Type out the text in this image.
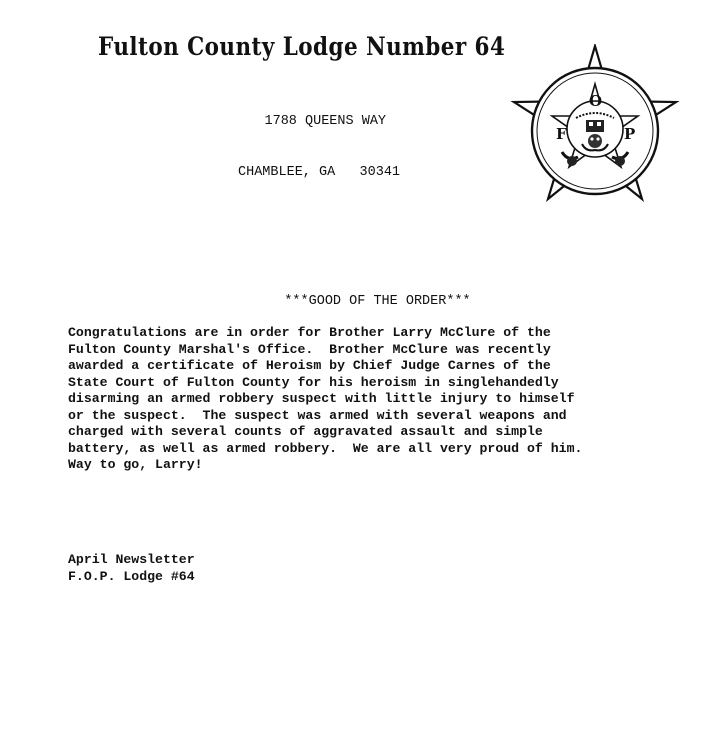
Fulton County Lodge Number 64

1788 QUEENS WAY

CHAMBLEE, GA   30341

F
O
P
***GOOD OF THE ORDER***
Congratulations are in order for Brother Larry McClure of the
Fulton County Marshal's Office.  Brother McClure was recently
awarded a certificate of Heroism by Chief Judge Carnes of the
State Court of Fulton County for his heroism in singlehandedly
disarming an armed robbery suspect with little injury to himself
or the suspect.  The suspect was armed with several weapons and
charged with several counts of aggravated assault and simple
battery, as well as armed robbery.  We are all very proud of him.
Way to go, Larry!
April Newsletter
F.O.P. Lodge #64
